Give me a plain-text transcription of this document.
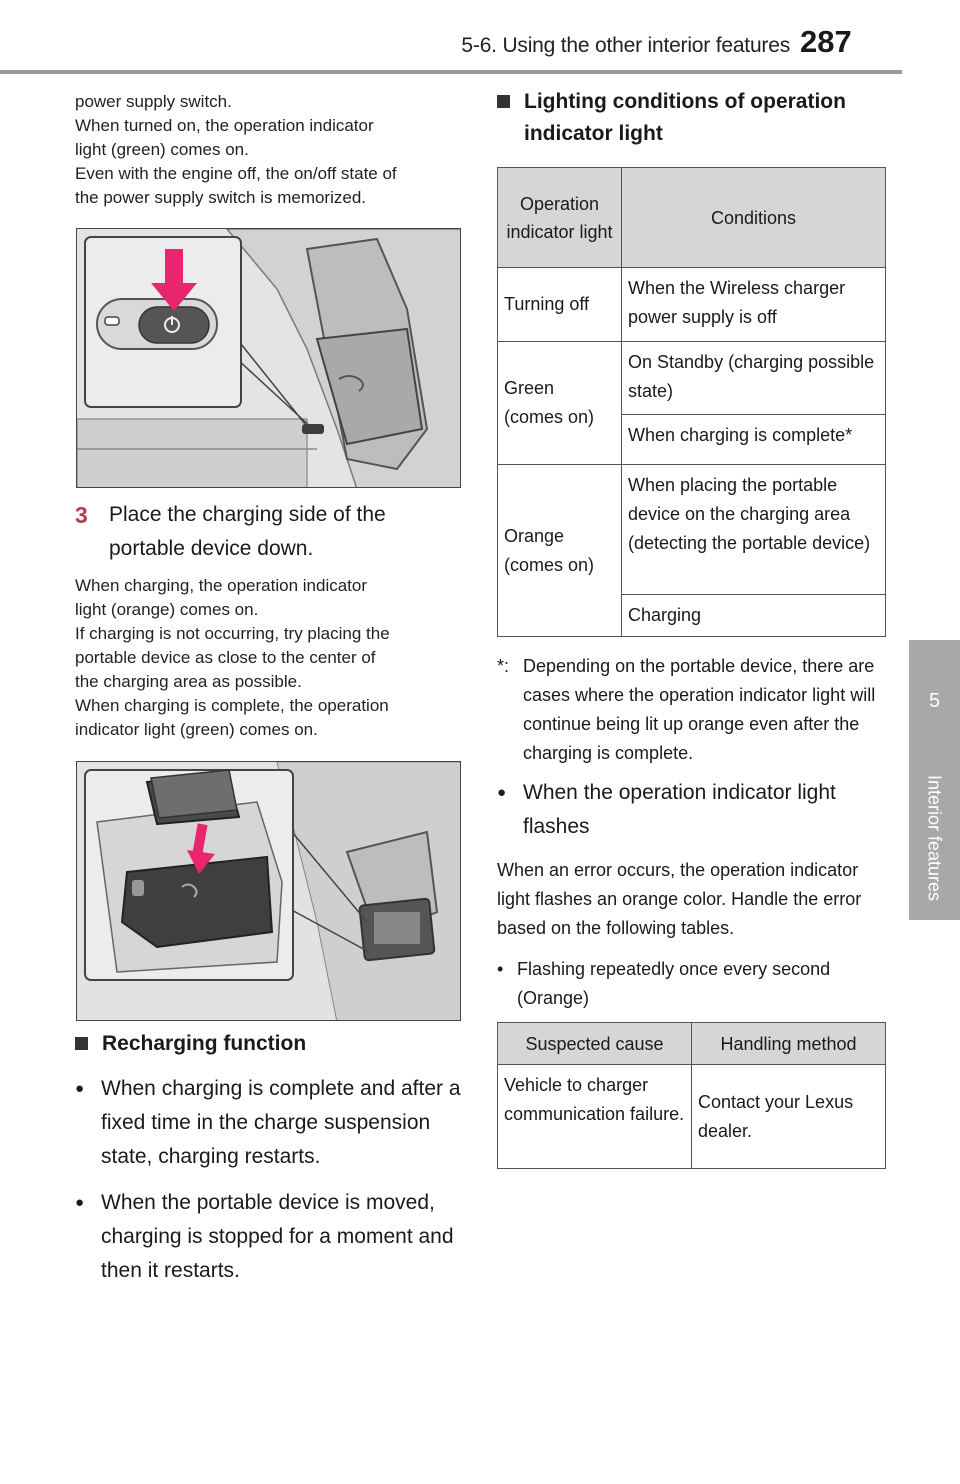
5-6. Using the other interior features 287
5
Interior features
power supply switch.
When turned on, the operation indicator
light (green) comes on.
Even with the engine off, the on/off state of
the power supply switch is memorized.
3	Place the charging side of the portable device down.
When charging, the operation indicator
light (orange) comes on.
If charging is not occurring, try placing the
portable device as close to the center of
the charging area as possible.
When charging is complete, the operation
indicator light (green) comes on.
Recharging function
● When charging is complete and after a fixed time in the charge suspension state, charging restarts.
● When the portable device is moved, charging is stopped for a moment and then it restarts.
Lighting conditions of operation indicator light
Operation indicator light	Conditions
Turning off	When the Wireless charger power supply is off
Green (comes on)	On Standby (charging possible state)
	When charging is complete*
Orange (comes on)	When placing the portable device on the charging area (detecting the portable device)
	Charging
*: Depending on the portable device, there are cases where the operation indicator light will continue being lit up orange even after the charging is complete.
● When the operation indicator light flashes
When an error occurs, the operation indicator light flashes an orange color. Handle the error based on the following tables.
• Flashing repeatedly once every second (Orange)
Suspected cause	Handling method
Vehicle to charger communication failure.	Contact your Lexus dealer.
